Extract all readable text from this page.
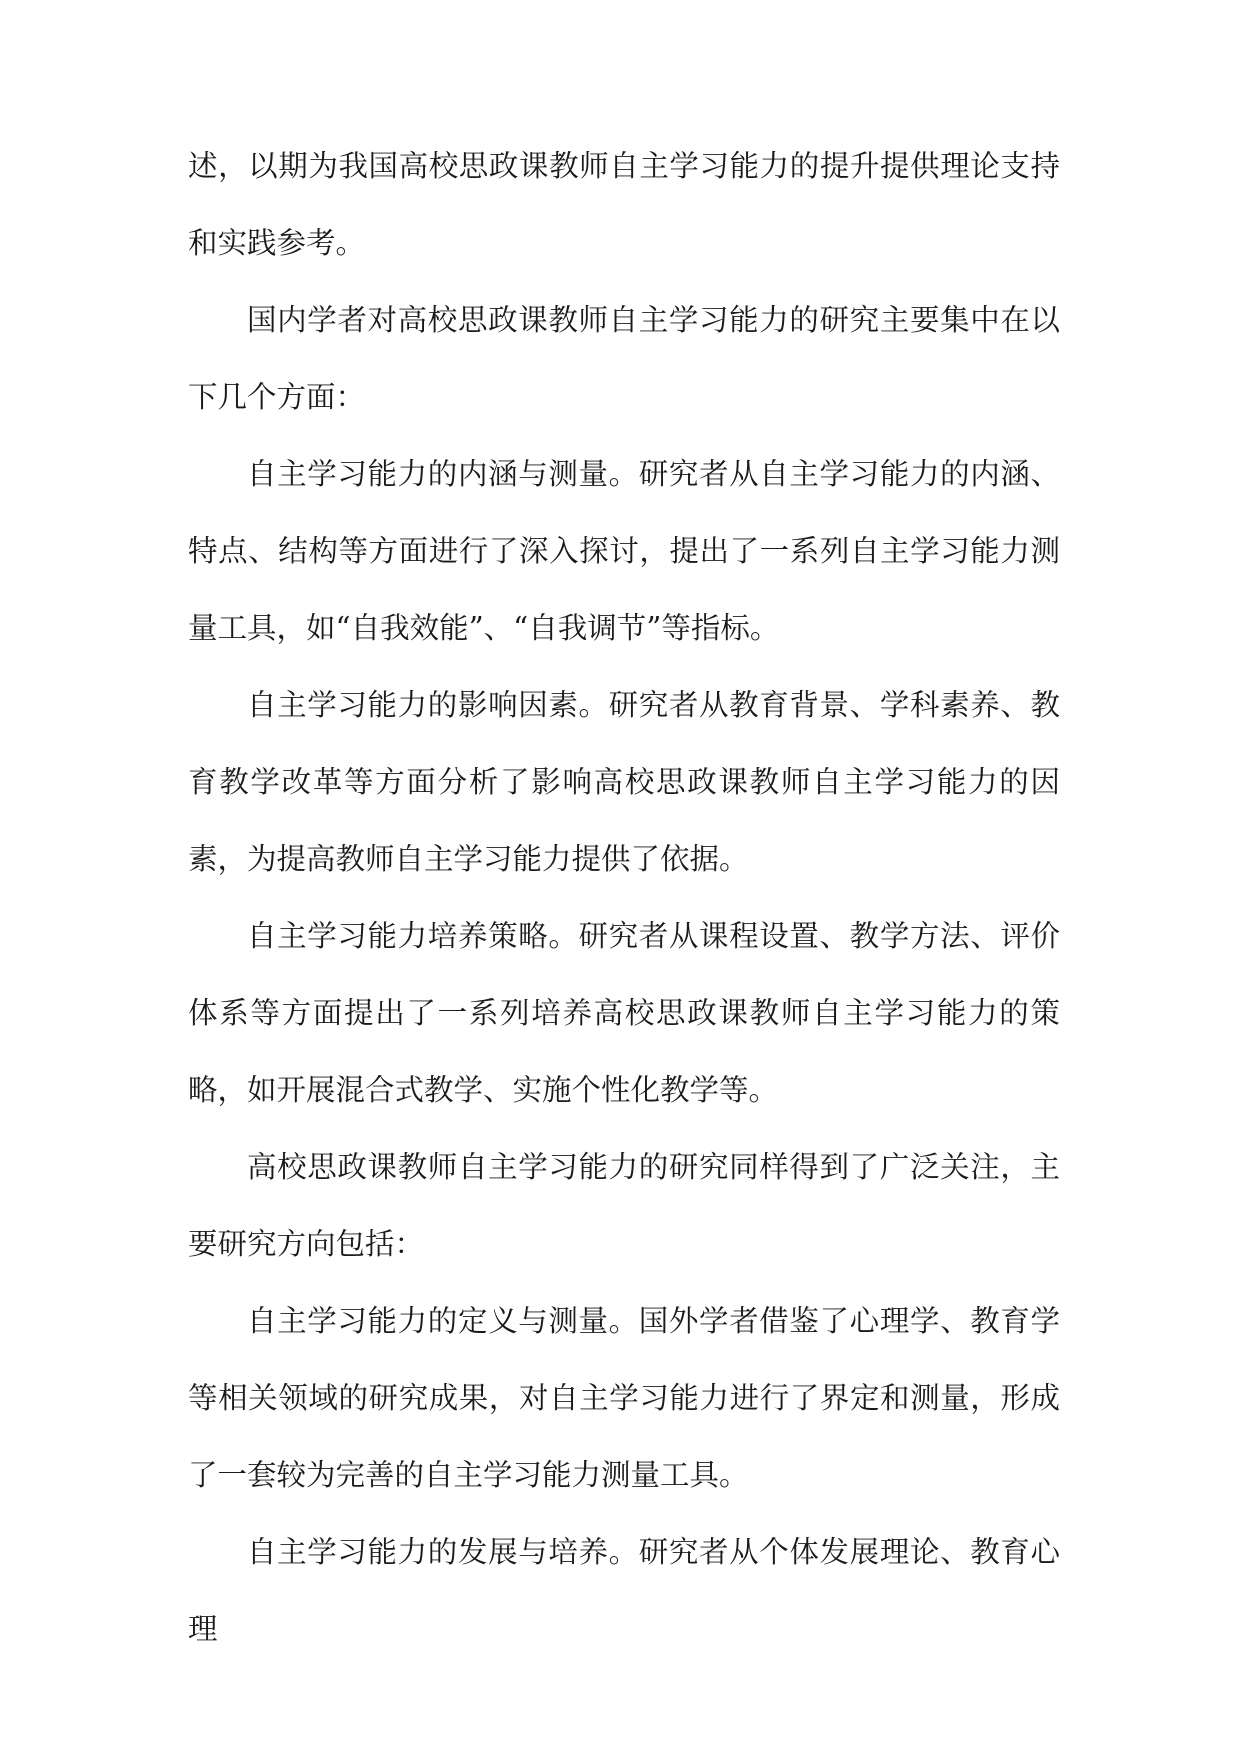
述，以期为我国高校思政课教师自主学习能力的提升提供理论支持和实践参考。

国内学者对高校思政课教师自主学习能力的研究主要集中在以下几个方面：

自主学习能力的内涵与测量。研究者从自主学习能力的内涵、特点、结构等方面进行了深入探讨，提出了一系列自主学习能力测量工具，如“自我效能”、“自我调节”等指标。

自主学习能力的影响因素。研究者从教育背景、学科素养、教育教学改革等方面分析了影响高校思政课教师自主学习能力的因素，为提高教师自主学习能力提供了依据。

自主学习能力培养策略。研究者从课程设置、教学方法、评价体系等方面提出了一系列培养高校思政课教师自主学习能力的策略，如开展混合式教学、实施个性化教学等。

高校思政课教师自主学习能力的研究同样得到了广泛关注，主要研究方向包括：

自主学习能力的定义与测量。国外学者借鉴了心理学、教育学等相关领域的研究成果，对自主学习能力进行了界定和测量，形成了一套较为完善的自主学习能力测量工具。

自主学习能力的发展与培养。研究者从个体发展理论、教育心理
